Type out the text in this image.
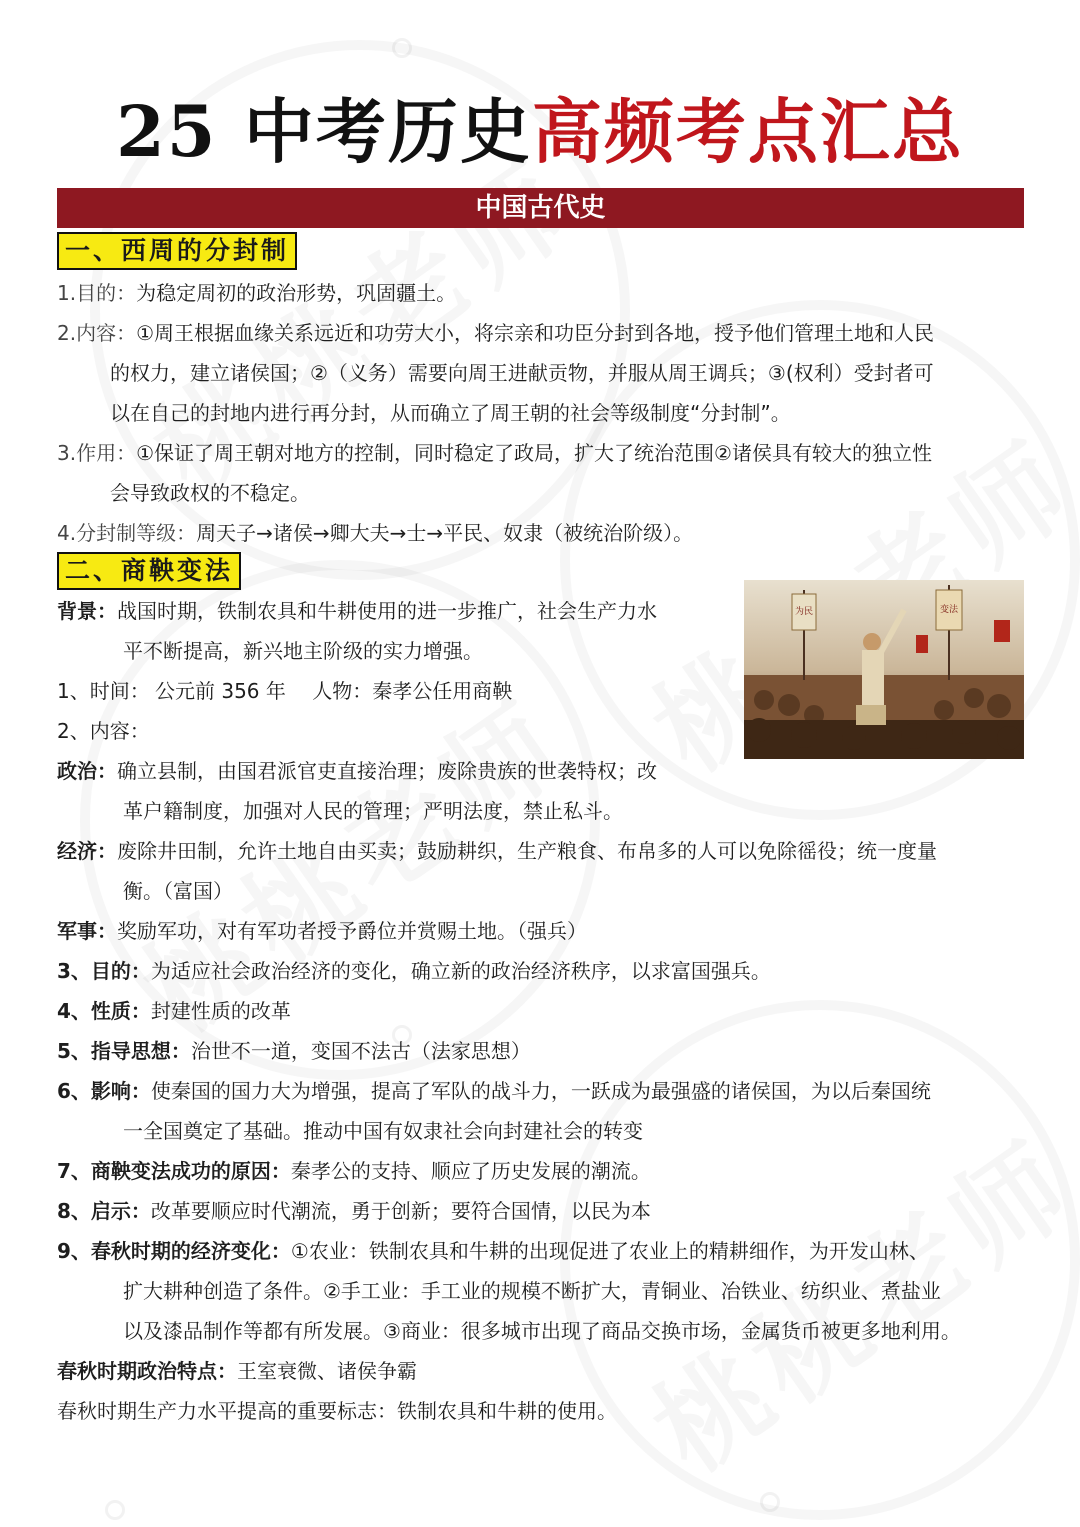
25 中考历史高频考点汇总
中国古代史
一、西周的分封制
1.目的：为稳定周初的政治形势，巩固疆土。
2.内容：①周王根据血缘关系远近和功劳大小，将宗亲和功臣分封到各地，授予他们管理土地和人民
的权力，建立诸侯国；②（义务）需要向周王进献贡物，并服从周王调兵；③(权利）受封者可
以在自己的封地内进行再分封，从而确立了周王朝的社会等级制度“分封制”。
3.作用：①保证了周王朝对地方的控制，同时稳定了政局，扩大了统治范围②诸侯具有较大的独立性
会导致政权的不稳定。
4.分封制等级：周天子→诸侯→卿大夫→士→平民、奴隶（被统治阶级）。
二、商鞅变法
为民	变法
背景：战国时期，铁制农具和牛耕使用的进一步推广，社会生产力水
平不断提高，新兴地主阶级的实力增强。
1、时间： 公元前 356 年　 人物：秦孝公任用商鞅
2、内容：
政治：确立县制，由国君派官吏直接治理；废除贵族的世袭特权；改
革户籍制度，加强对人民的管理；严明法度，禁止私斗。
经济：废除井田制，允许土地自由买卖；鼓励耕织，生产粮食、布帛多的人可以免除徭役；统一度量
衡。（富国）
军事：奖励军功，对有军功者授予爵位并赏赐土地。（强兵）
3、目的：为适应社会政治经济的变化，确立新的政治经济秩序，以求富国强兵。
4、性质：封建性质的改革
5、指导思想：治世不一道，变国不法古（法家思想）
6、影响：使秦国的国力大为增强，提高了军队的战斗力，一跃成为最强盛的诸侯国，为以后秦国统
一全国奠定了基础。推动中国有奴隶社会向封建社会的转变
7、商鞅变法成功的原因：秦孝公的支持、顺应了历史发展的潮流。
8、启示：改革要顺应时代潮流，勇于创新；要符合国情，以民为本
9、春秋时期的经济变化：①农业：铁制农具和牛耕的出现促进了农业上的精耕细作，为开发山林、
扩大耕种创造了条件。②手工业：手工业的规模不断扩大，青铜业、冶铁业、纺织业、煮盐业
以及漆品制作等都有所发展。③商业：很多城市出现了商品交换市场，金属货币被更多地利用。
春秋时期政治特点：王室衰微、诸侯争霸
春秋时期生产力水平提高的重要标志：铁制农具和牛耕的使用。
